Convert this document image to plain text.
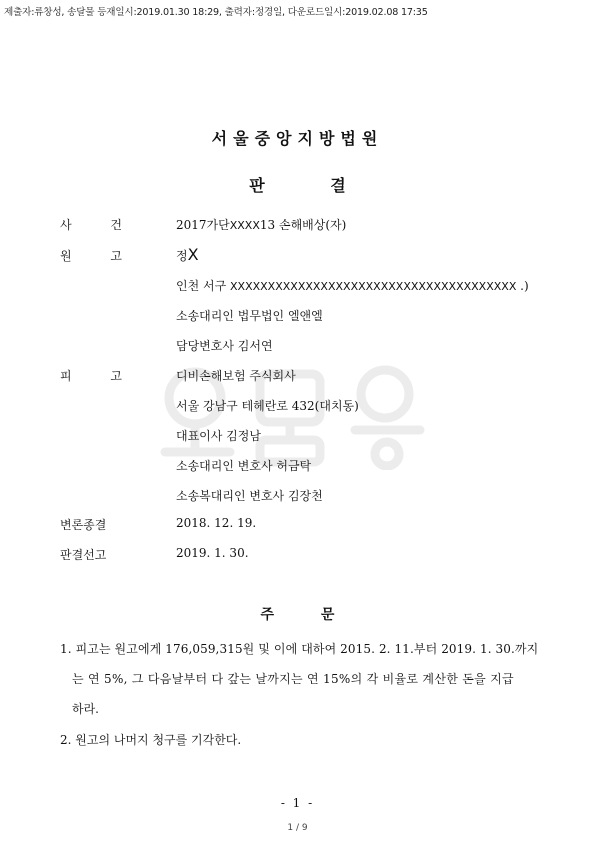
제출자:류창성, 송달물 등재일시:2019.01.30 18:29, 출력자:정경일, 다운로드일시:2019.02.08 17:35
서울중앙지방법원
판 결
사 건	2017가단XXXX13 손해배상(자)
원 고	정X
인천 서구 XXXXXXXXXXXXXXXXXXXXXXXXXXXXXXXXXXXXXX .)
소송대리인 법무법인 엘앤엘
담당변호사 김서연
피 고	디비손해보험 주식회사
서울 강남구 테헤란로 432(대치동)
대표이사 김정남
소송대리인 변호사 허금탁
소송복대리인 변호사 김장천
변론종결	2018. 12. 19.
판결선고	2019. 1. 30.
주 문
1. 피고는 원고에게 176,059,315원 및 이에 대하여 2015. 2. 11.부터 2019. 1. 30.까지
는 연 5%, 그 다음날부터 다 갚는 날까지는 연 15%의 각 비율로 계산한 돈을 지급
하라.
2. 원고의 나머지 청구를 기각한다.
- 1 -
1 / 9
